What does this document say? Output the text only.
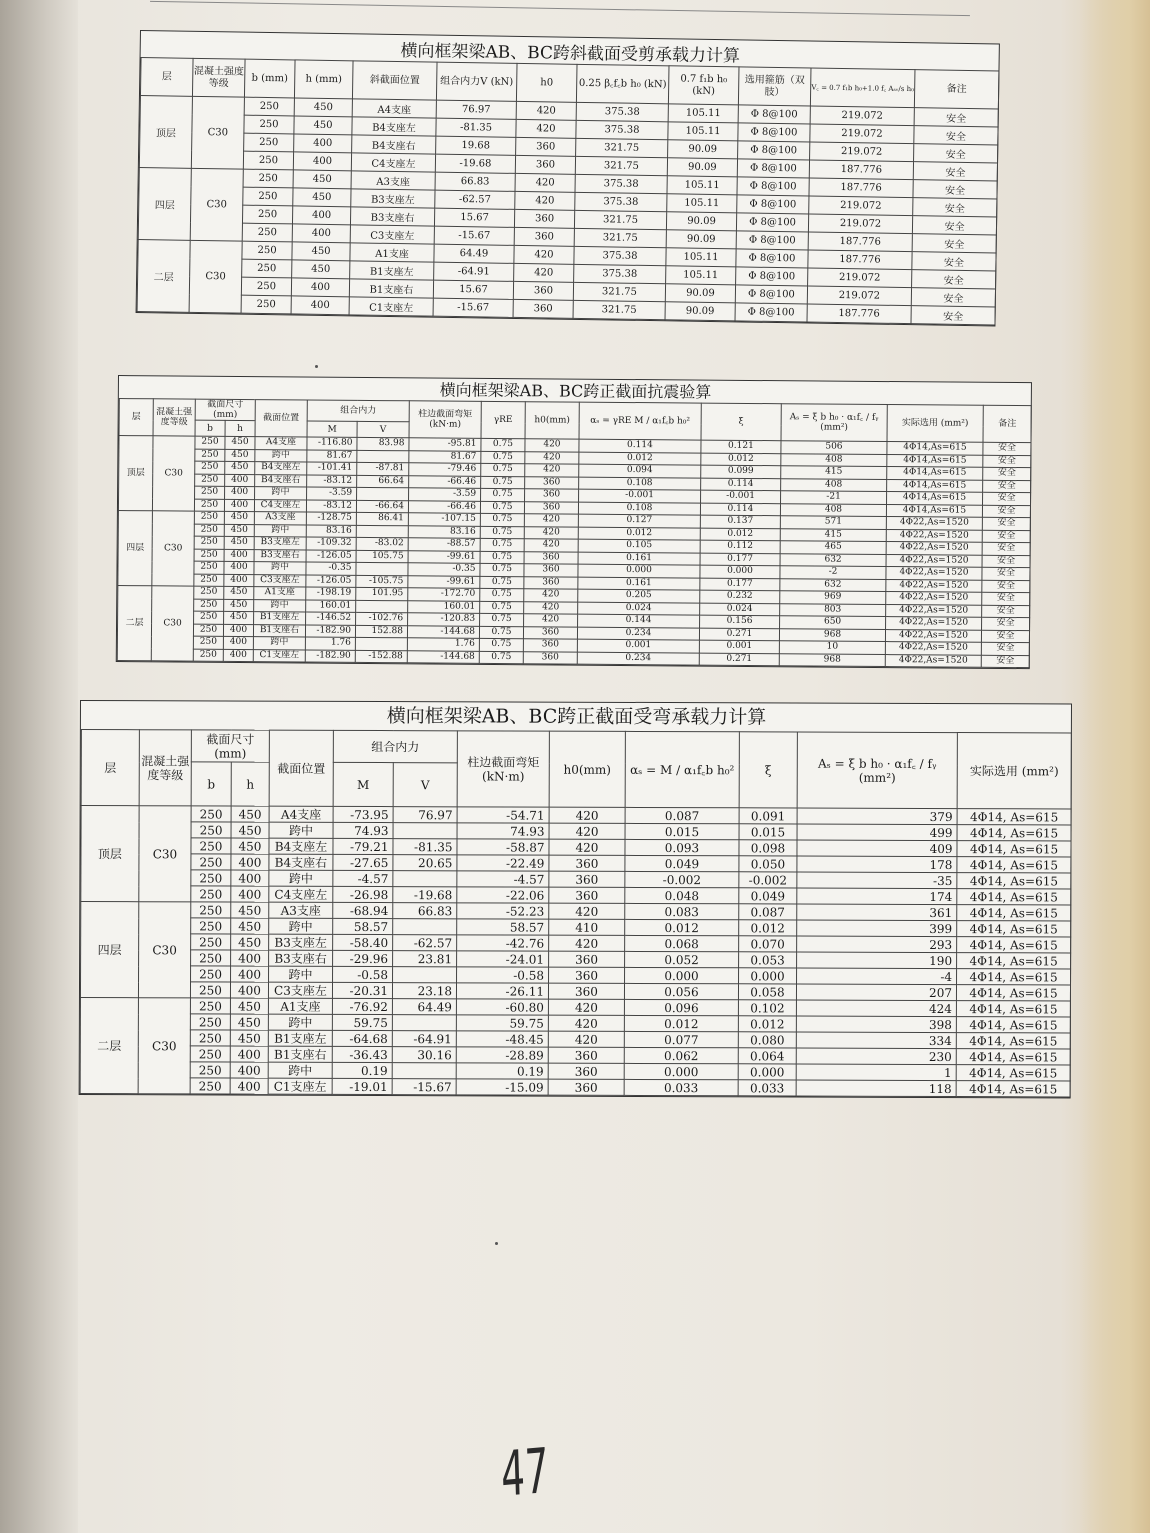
横向框架梁AB、BC跨斜截面受剪承载力计算											
层	混凝土强度等级	b (mm)	h (mm)	斜截面位置	组合内力V (kN)	h0	0.25 β꜀f꜀b h₀ (kN)	0.7 f₁b h₀ (kN)	选用箍筋（双肢）	V꜀ = 0.7 f₁b h₀+1.0 f꜀ Aₛᵥ/s h₀	备注
顶层	C30	250	450	A4支座	76.97	420	375.38	105.11	Φ 8@100	219.072	安全
		250	450	B4支座左	-81.35	420	375.38	105.11	Φ 8@100	219.072	安全
		250	400	B4支座右	19.68	360	321.75	90.09	Φ 8@100	219.072	安全
		250	400	C4支座左	-19.68	360	321.75	90.09	Φ 8@100	187.776	安全
四层	C30	250	450	A3支座	66.83	420	375.38	105.11	Φ 8@100	187.776	安全
		250	450	B3支座左	-62.57	420	375.38	105.11	Φ 8@100	219.072	安全
		250	400	B3支座右	15.67	360	321.75	90.09	Φ 8@100	219.072	安全
		250	400	C3支座左	-15.67	360	321.75	90.09	Φ 8@100	187.776	安全
二层	C30	250	450	A1支座	64.49	420	375.38	105.11	Φ 8@100	187.776	安全
		250	450	B1支座左	-64.91	420	375.38	105.11	Φ 8@100	219.072	安全
		250	400	B1支座右	15.67	360	321.75	90.09	Φ 8@100	219.072	安全
		250	400	C1支座左	-15.67	360	321.75	90.09	Φ 8@100	187.776	安全
横向框架梁AB、BC跨正截面抗震验算														
层	混凝土强度等级	截面尺寸(mm)		截面位置	组合内力		柱边截面弯矩 (kN·m)	γRE	h0(mm)	αₛ = γRE M / α₁f꜀b h₀²	ξ	Aₛ = ξ b h₀ · α₁f꜀ / fᵧ (mm²)	实际选用 (mm²)	备注
		b	h		M	V								
顶层	C30	250	450	A4支座	-116.80	83.98	-95.81	0.75	420	0.114	0.121	506	4Φ14,As=615	安全
		250	450	跨中	81.67		81.67	0.75	420	0.012	0.012	408	4Φ14,As=615	安全
		250	450	B4支座左	-101.41	-87.81	-79.46	0.75	420	0.094	0.099	415	4Φ14,As=615	安全
		250	400	B4支座右	-83.12	66.64	-66.46	0.75	360	0.108	0.114	408	4Φ14,As=615	安全
		250	400	跨中	-3.59		-3.59	0.75	360	-0.001	-0.001	-21	4Φ14,As=615	安全
		250	400	C4支座左	-83.12	-66.64	-66.46	0.75	360	0.108	0.114	408	4Φ14,As=615	安全
四层	C30	250	450	A3支座	-128.75	86.41	-107.15	0.75	420	0.127	0.137	571	4Φ22,As=1520	安全
		250	450	跨中	83.16		83.16	0.75	420	0.012	0.012	415	4Φ22,As=1520	安全
		250	450	B3支座左	-109.32	-83.02	-88.57	0.75	420	0.105	0.112	465	4Φ22,As=1520	安全
		250	400	B3支座右	-126.05	105.75	-99.61	0.75	360	0.161	0.177	632	4Φ22,As=1520	安全
		250	400	跨中	-0.35		-0.35	0.75	360	0.000	0.000	-2	4Φ22,As=1520	安全
		250	400	C3支座左	-126.05	-105.75	-99.61	0.75	360	0.161	0.177	632	4Φ22,As=1520	安全
二层	C30	250	450	A1支座	-198.19	101.95	-172.70	0.75	420	0.205	0.232	969	4Φ22,As=1520	安全
		250	450	跨中	160.01		160.01	0.75	420	0.024	0.024	803	4Φ22,As=1520	安全
		250	450	B1支座左	-146.52	-102.76	-120.83	0.75	420	0.144	0.156	650	4Φ22,As=1520	安全
		250	400	B1支座右	-182.90	152.88	-144.68	0.75	360	0.234	0.271	968	4Φ22,As=1520	安全
		250	400	跨中	1.76		1.76	0.75	360	0.001	0.001	10	4Φ22,As=1520	安全
		250	400	C1支座左	-182.90	-152.88	-144.68	0.75	360	0.234	0.271	968	4Φ22,As=1520	安全
横向框架梁AB、BC跨正截面受弯承载力计算												
层	混凝土强度等级	截面尺寸(mm)		截面位置	组合内力		柱边截面弯矩 (kN·m)	h0(mm)	αₛ = M / α₁f꜀b h₀²	ξ	Aₛ = ξ b h₀ · α₁f꜀ / fᵧ (mm²)	实际选用 (mm²)
		b	h		M	V						
顶层	C30	250	450	A4支座	-73.95	76.97	-54.71	420	0.087	0.091	379	4Φ14, As=615
		250	450	跨中	74.93		74.93	420	0.015	0.015	499	4Φ14, As=615
		250	450	B4支座左	-79.21	-81.35	-58.87	420	0.093	0.098	409	4Φ14, As=615
		250	400	B4支座右	-27.65	20.65	-22.49	360	0.049	0.050	178	4Φ14, As=615
		250	400	跨中	-4.57		-4.57	360	-0.002	-0.002	-35	4Φ14, As=615
		250	400	C4支座左	-26.98	-19.68	-22.06	360	0.048	0.049	174	4Φ14, As=615
四层	C30	250	450	A3支座	-68.94	66.83	-52.23	420	0.083	0.087	361	4Φ14, As=615
		250	450	跨中	58.57		58.57	410	0.012	0.012	399	4Φ14, As=615
		250	450	B3支座左	-58.40	-62.57	-42.76	420	0.068	0.070	293	4Φ14, As=615
		250	400	B3支座右	-29.96	23.81	-24.01	360	0.052	0.053	190	4Φ14, As=615
		250	400	跨中	-0.58		-0.58	360	0.000	0.000	-4	4Φ14, As=615
		250	400	C3支座左	-20.31	23.18	-26.11	360	0.056	0.058	207	4Φ14, As=615
二层	C30	250	450	A1支座	-76.92	64.49	-60.80	420	0.096	0.102	424	4Φ14, As=615
		250	450	跨中	59.75		59.75	420	0.012	0.012	398	4Φ14, As=615
		250	450	B1支座左	-64.68	-64.91	-48.45	420	0.077	0.080	334	4Φ14, As=615
		250	400	B1支座右	-36.43	30.16	-28.89	360	0.062	0.064	230	4Φ14, As=615
		250	400	跨中	0.19		0.19	360	0.000	0.000	1	4Φ14, As=615
		250	400	C1支座左	-19.01	-15.67	-15.09	360	0.033	0.033	118	4Φ14, As=615
47
